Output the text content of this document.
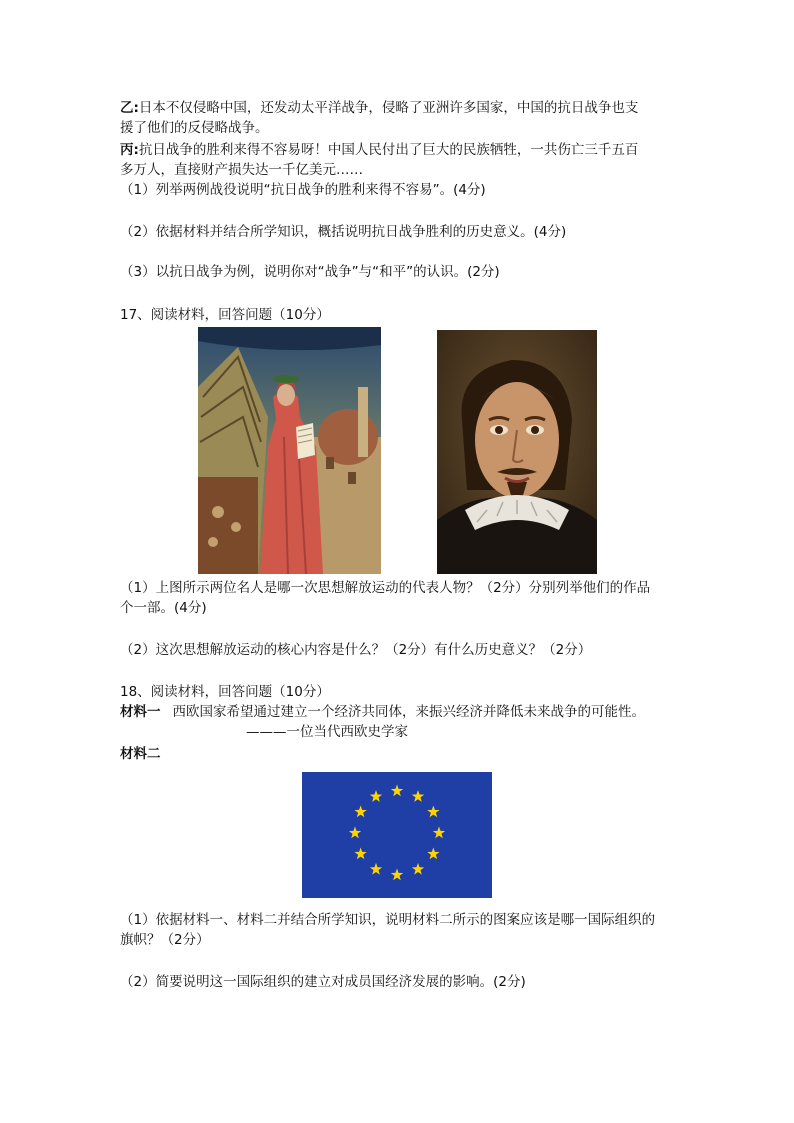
乙:日本不仅侵略中国，还发动太平洋战争，侵略了亚洲许多国家，中国的抗日战争也支
援了他们的反侵略战争。
丙:抗日战争的胜利来得不容易呀！中国人民付出了巨大的民族牺牲，一共伤亡三千五百
多万人，直接财产损失达一千亿美元……
（1）列举两例战役说明“抗日战争的胜利来得不容易”。(4分)
（2）依据材料并结合所学知识，概括说明抗日战争胜利的历史意义。(4分)
（3）以抗日战争为例，说明你对“战争”与“和平”的认识。(2分)
17、阅读材料，回答问题（10分）
（1）上图所示两位名人是哪一次思想解放运动的代表人物？（2分）分别列举他们的作品
个一部。(4分)
（2）这次思想解放运动的核心内容是什么？（2分）有什么历史意义？（2分）
18、阅读材料，回答问题（10分）
材料一 西欧国家希望通过建立一个经济共同体，来振兴经济并降低未来战争的可能性。
———一位当代西欧史学家
材料二
（1）依据材料一、材料二并结合所学知识，说明材料二所示的图案应该是哪一国际组织的
旗帜？（2分）
（2）简要说明这一国际组织的建立对成员国经济发展的影响。(2分)
